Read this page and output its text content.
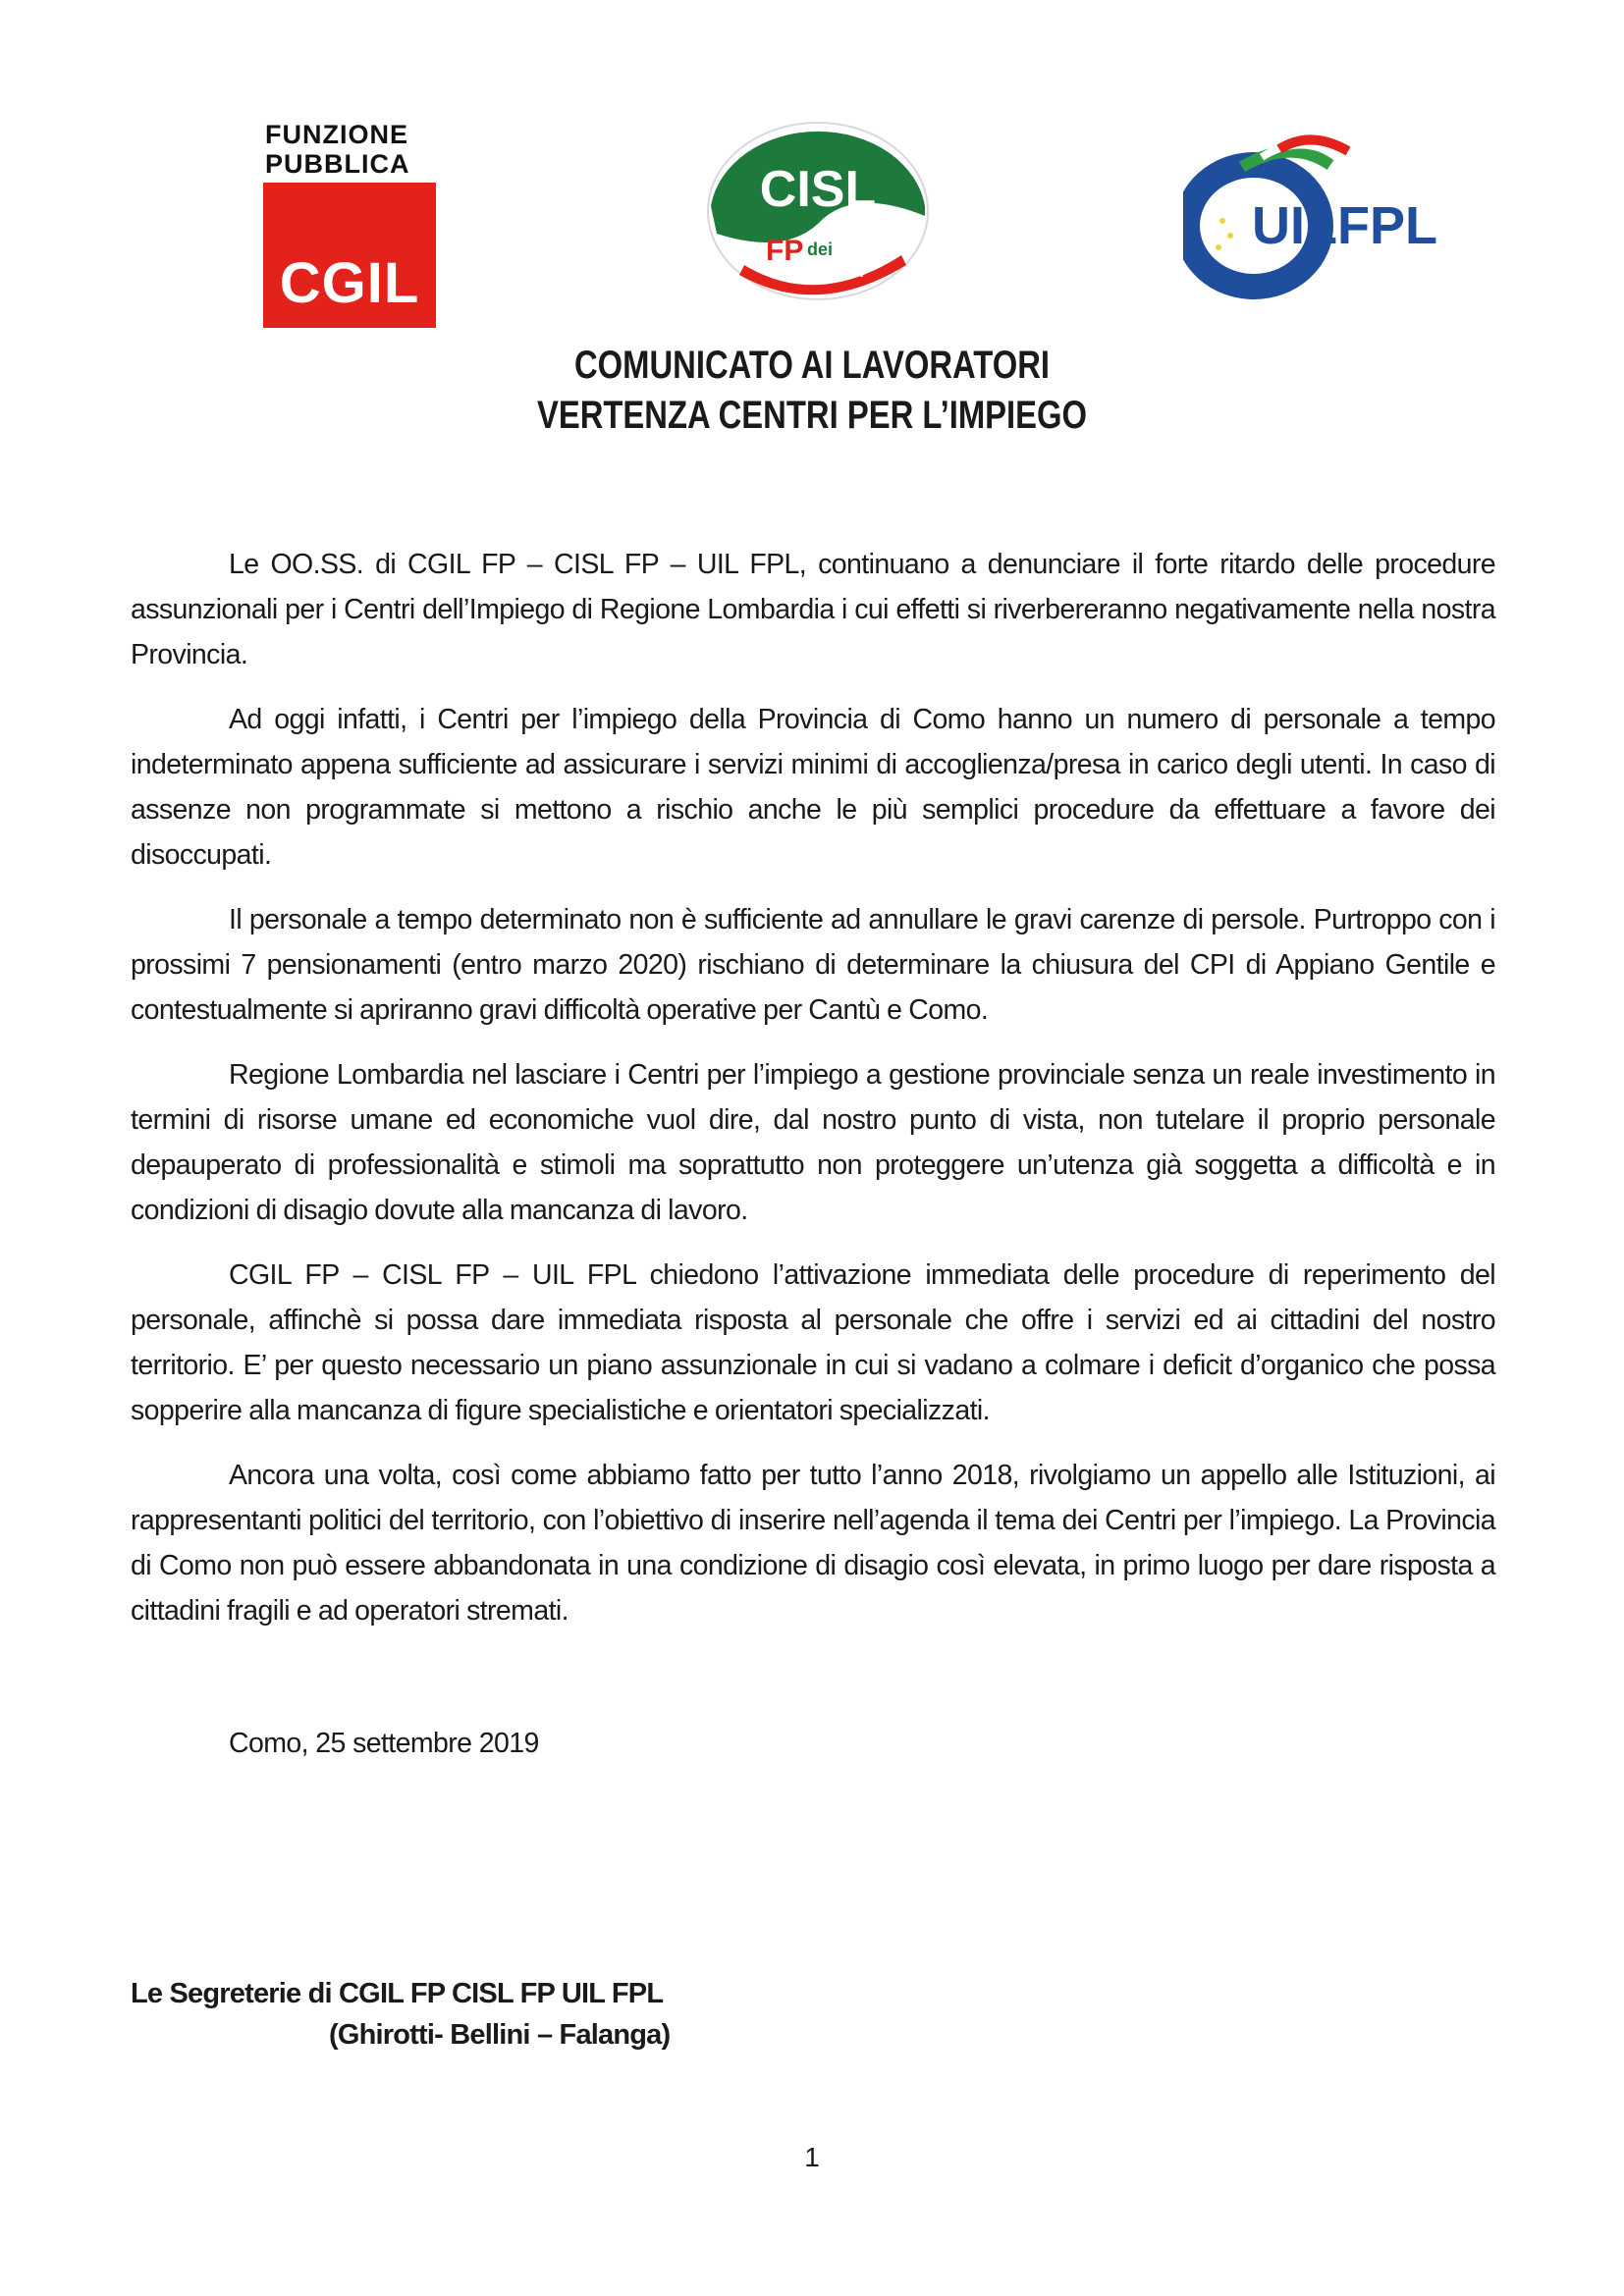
FUNZIONE
PUBBLICA
CGIL
CISL
FP dei
LAGHI
UILFPL
COMUNICATO AI LAVORATORI
VERTENZA CENTRI PER L’IMPIEGO

Le OO.SS. di CGIL FP – CISL FP – UIL FPL, continuano a denunciare il forte ritardo delle procedure assunzionali per i Centri dell’Impiego di Regione Lombardia i cui effetti si riverbereranno negativamente nella nostra Provincia.

Ad oggi infatti, i Centri per l’impiego della Provincia di Como hanno un numero di personale a tempo indeterminato appena sufficiente ad assicurare i servizi minimi di accoglienza/presa in carico degli utenti. In caso di assenze non programmate si mettono a rischio anche le più semplici procedure da effettuare a favore dei disoccupati.

Il personale a tempo determinato non è sufficiente ad annullare le gravi carenze di persole. Purtroppo con i prossimi 7 pensionamenti (entro marzo 2020) rischiano di determinare la chiusura del CPI di Appiano Gentile e contestualmente si apriranno gravi difficoltà operative per Cantù e Como.

Regione Lombardia nel lasciare i Centri per l’impiego a gestione provinciale senza un reale investimento in termini di risorse umane ed economiche vuol dire, dal nostro punto di vista, non tutelare il proprio personale depauperato di professionalità e stimoli ma soprattutto non proteggere un’utenza già soggetta a difficoltà e in condizioni di disagio dovute alla mancanza di lavoro.

CGIL FP – CISL FP – UIL FPL chiedono l’attivazione immediata delle procedure di reperimento del personale, affinchè si possa dare immediata risposta al personale che offre i servizi ed ai cittadini del nostro territorio. E’ per questo necessario un piano assunzionale in cui si vadano a colmare i deficit d’organico che possa sopperire alla mancanza di figure specialistiche e orientatori specializzati.

Ancora una volta, così come abbiamo fatto per tutto l’anno 2018, rivolgiamo un appello alle Istituzioni, ai rappresentanti politici del territorio, con l’obiettivo di inserire nell’agenda il tema dei Centri per l’impiego. La Provincia di Como non può essere abbandonata in una condizione di disagio così elevata, in primo luogo per dare risposta a cittadini fragili e ad operatori stremati.

Como, 25 settembre 2019
Le Segreterie di CGIL FP CISL FP UIL FPL
(Ghirotti- Bellini – Falanga)
1
